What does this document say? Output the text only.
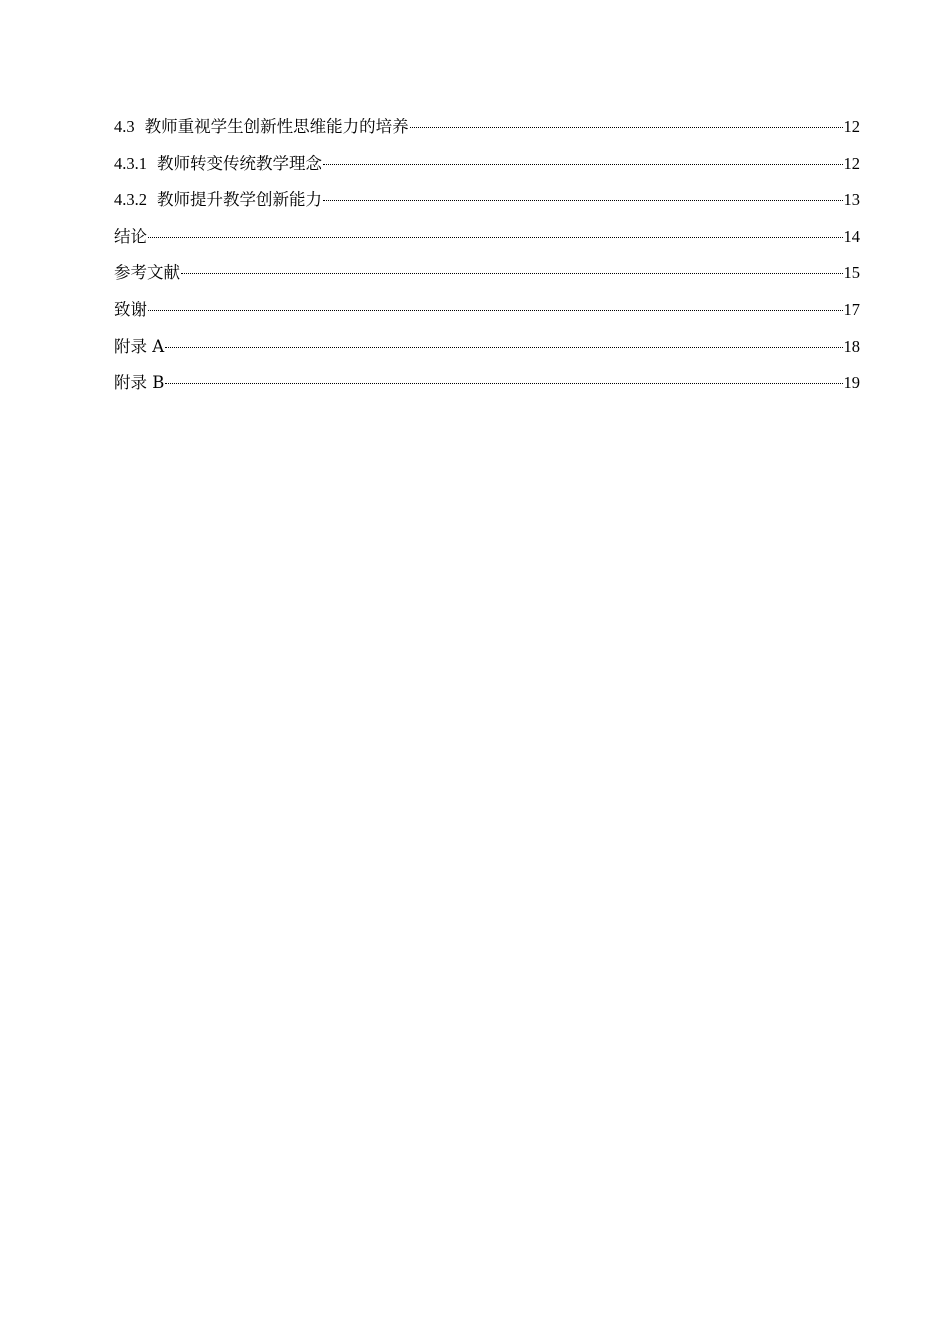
4.3 教师重视学生创新性思维能力的培养	12
4.3.1 教师转变传统教学理念	12
4.3.2 教师提升教学创新能力	13
结论	14
参考文献	15
致谢	17
附录 A	18
附录 B	19
